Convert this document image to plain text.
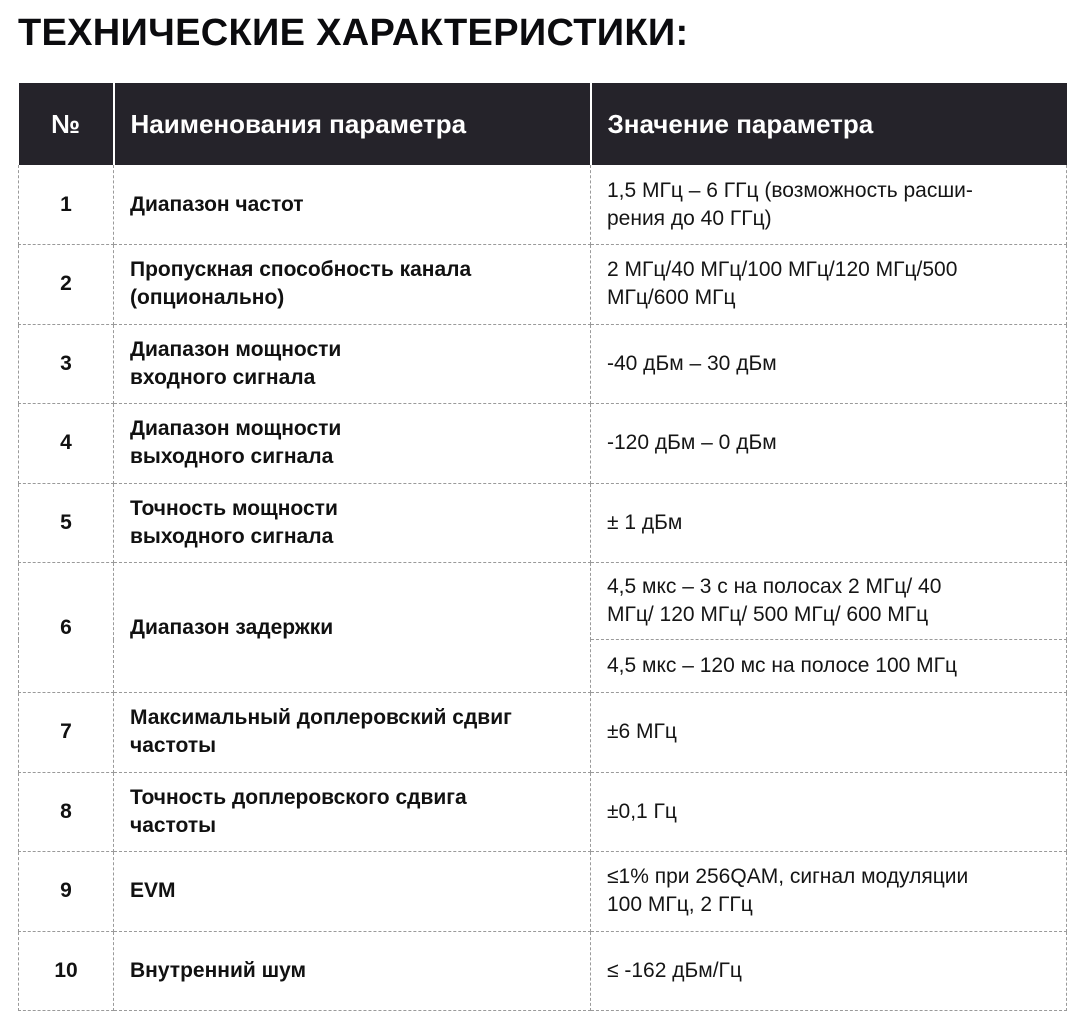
ТЕХНИЧЕСКИЕ ХАРАКТЕРИСТИКИ:
№	Наименования параметра	Значение параметра
1	Диапазон частот	1,5 МГц – 6 ГГц (возможность расши-
рения до 40 ГГц)

2	Пропускная способность канала
(опционально)	2 МГц/40 МГц/100 МГц/120 МГц/500
МГц/600 МГц

3	Диапазон мощности
входного сигнала	-40 дБм – 30 дБм

4	Диапазон мощности
выходного сигнала	-120 дБм – 0 дБм

5	Точность мощности
выходного сигнала	± 1 дБм

6	Диапазон задержки	4,5 мкс – 3 с на полосах 2 МГц/ 40
МГц/ 120 МГц/ 500 МГц/ 600 МГц

		4,5 мкс – 120 мс на полосе 100 МГц

7	Максимальный доплеровский сдвиг
частоты	±6 МГц

8	Точность доплеровского сдвига
частоты	±0,1 Гц

9	EVM	≤1% при 256QAM, сигнал модуляции
100 МГц, 2 ГГц

10	Внутренний шум	≤ -162 дБм/Гц
